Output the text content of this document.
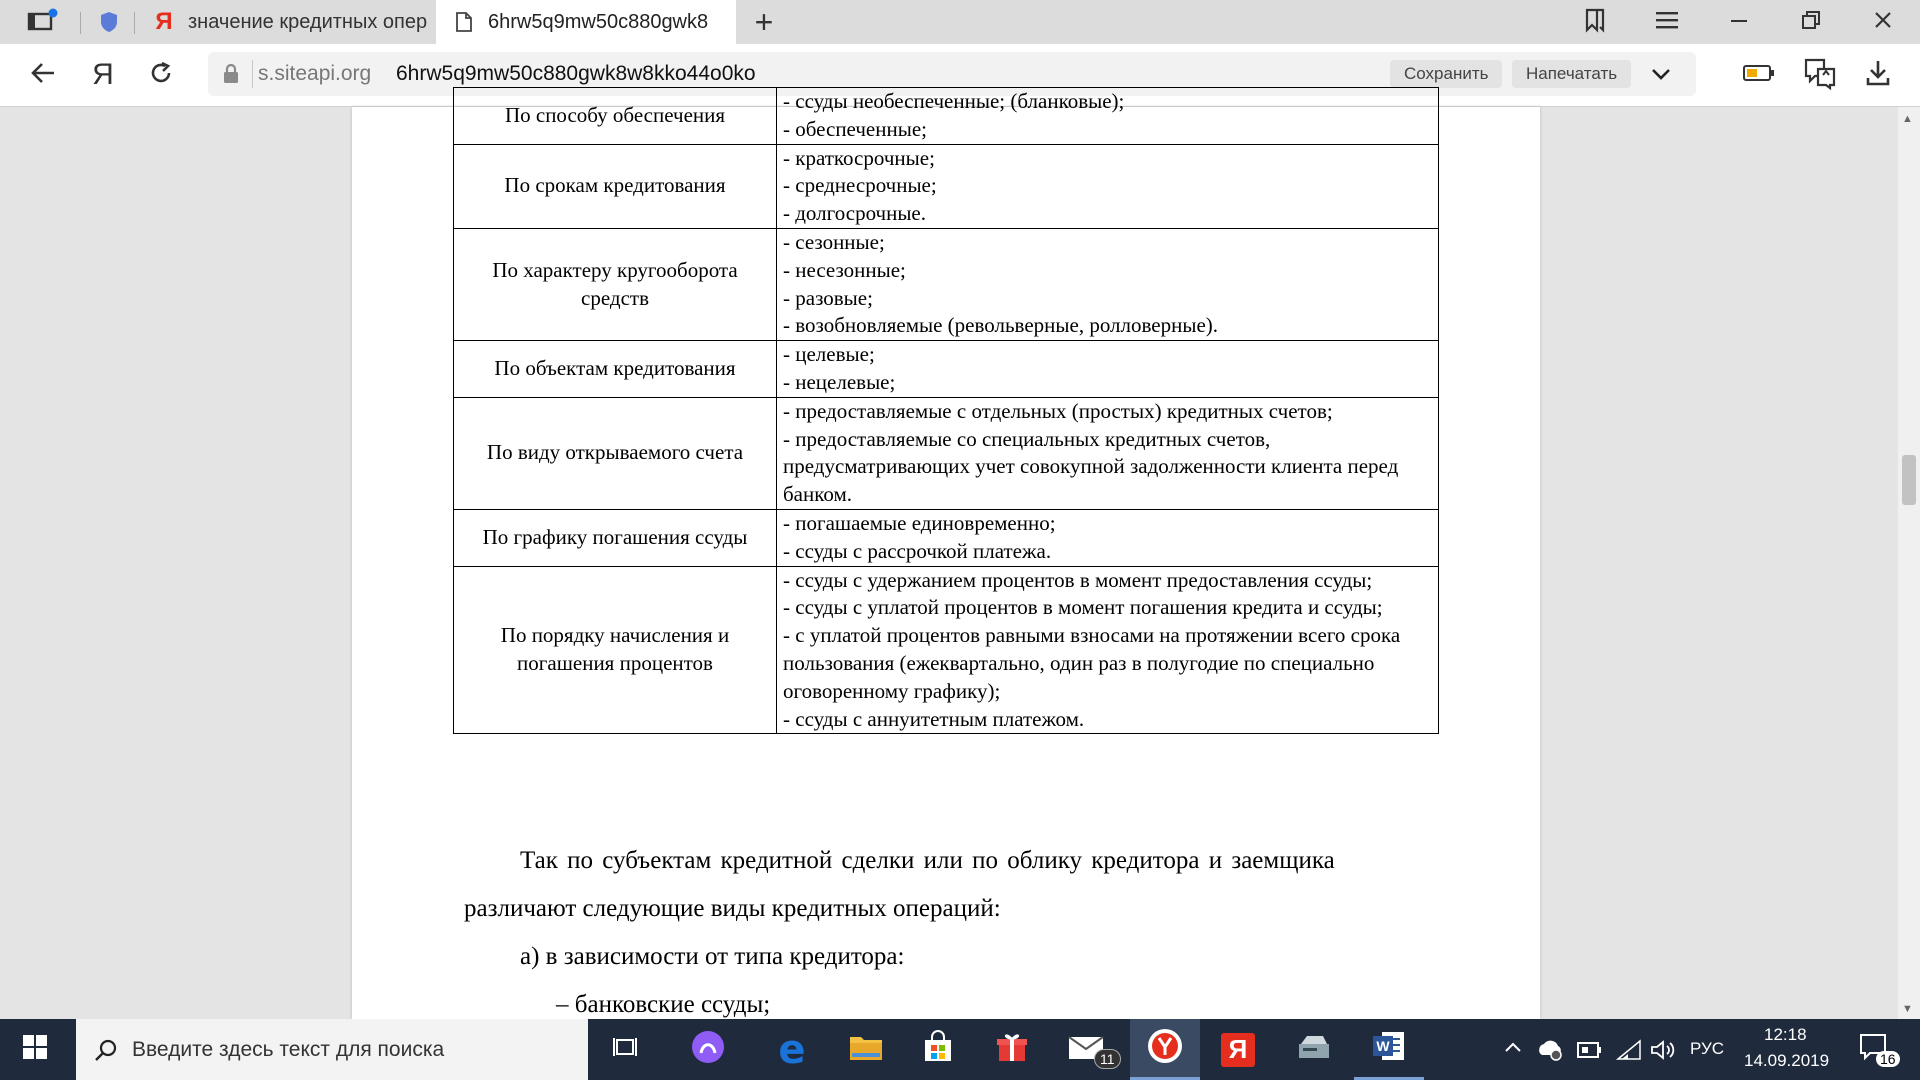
Я значение кредитных опер	6hrw5q9mw50c880gwk8 +
Я	s.siteapi.org 6hrw5q9mw50c880gwk8w8kko44o0ko	Сохранить	Напечатать
По способу обеспечения	- ссуды необеспеченные; (бланковые);
- обеспеченные;

По срокам кредитования	- краткосрочные;
- среднесрочные;
- долгосрочные.

По характеру кругооборота средств	- сезонные;
- несезонные;
- разовые;
- возобновляемые (револьверные, ролловерные).

По объектам кредитования	- целевые;
- нецелевые;

По виду открываемого счета	- предоставляемые с отдельных (простых) кредитных счетов;
- предоставляемые со специальных кредитных счетов, предусматривающих учет совокупной задолженности клиента перед банком.

По графику погашения ссуды	- погашаемые единовременно;
- ссуды с рассрочкой платежа.

По порядку начисления и погашения процентов	- ссуды с удержанием процентов в момент предоставления ссуды;
- ссуды с уплатой процентов в момент погашения кредита и ссуды;
- с уплатой процентов равными взносами на протяжении всего срока пользования (ежеквартально, один раз в полугодие по специально оговоренному графику);
- ссуды с аннуитетным платежом.
Так по субъектам кредитной сделки или по облику кредитора и заемщика
различают следующие виды кредитных операций:
а) в зависимости от типа кредитора:
– банковские ссуды;
▲
▼
Введите здесь текст для поиска	e	11	Я	W	РУС
12:18
14.09.2019	16
